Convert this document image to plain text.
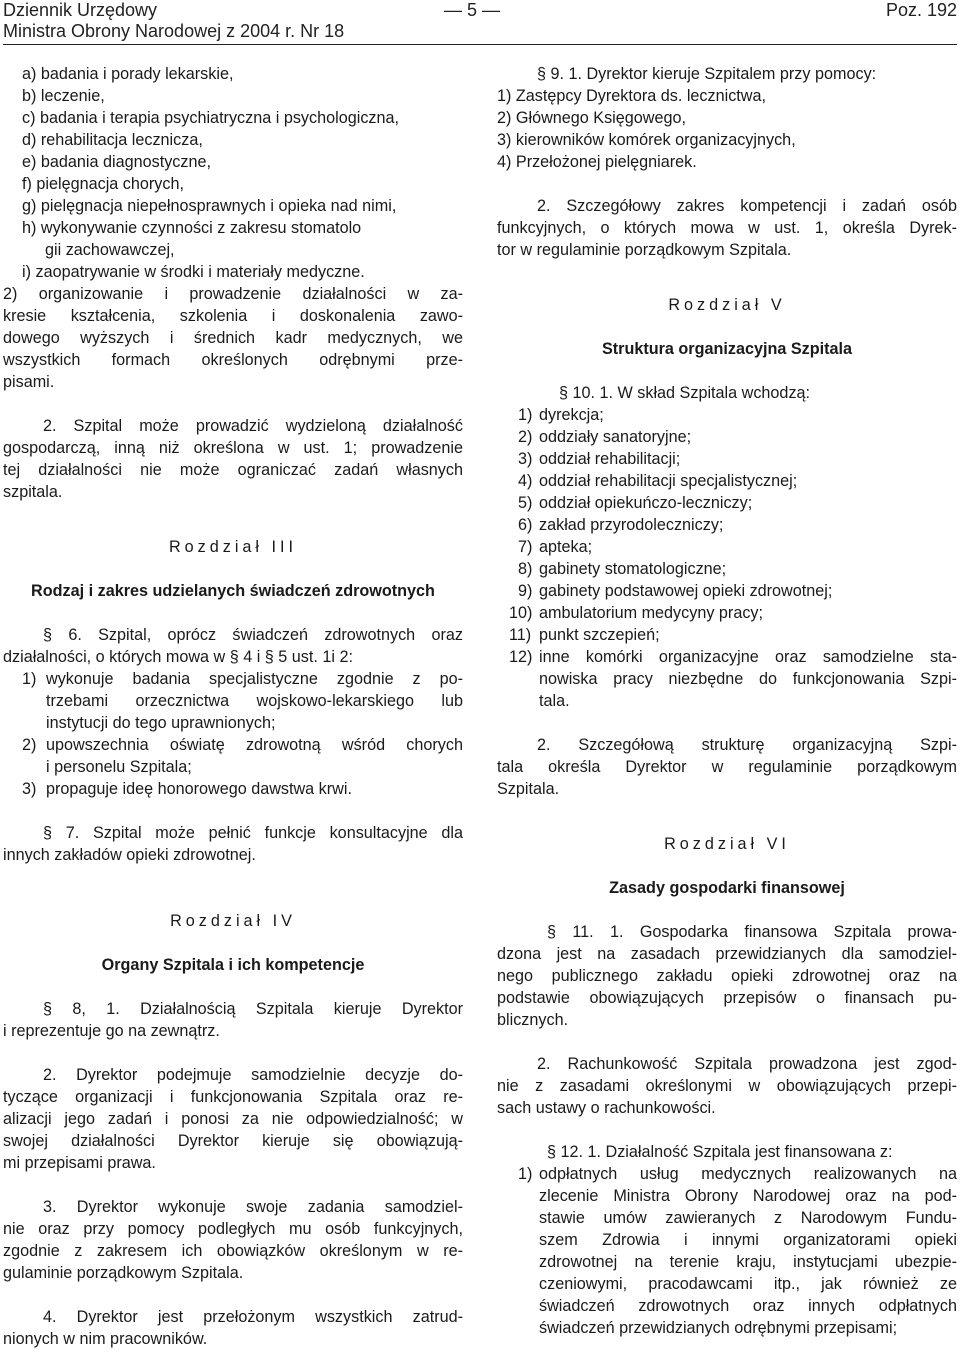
Dziennik Urzędowy
Ministra Obrony Narodowej z 2004 r. Nr 18
— 5 —	Poz. 192

a) badania i porady lekarskie,

b) leczenie,

c) badania i terapia psychiatryczna i psychologiczna,

d) rehabilitacja lecznicza,

e) badania diagnostyczne,

f) pielęgnacja chorych,

g) pielęgnacja niepełnosprawnych i opieka nad nimi,

h) wykonywanie czynności z zakresu stomatolo

gii zachowawczej,

i) zaopatrywanie w środki i materiały medyczne.

2) organizowanie i prowadzenie działalności w za-

kresie kształcenia, szkolenia i doskonalenia zawo-

dowego wyższych i średnich kadr medycznych, we

wszystkich formach określonych odrębnymi prze-

pisami.

2. Szpital może prowadzić wydzieloną działalność

gospodarczą, inną niż określona w ust. 1; prowadzenie

tej działalności nie może ograniczać zadań własnych

szpitala.

Rozdział III

Rodzaj i zakres udzielanych świadczeń zdrowotnych

§ 6. Szpital, oprócz świadczeń zdrowotnych oraz

działalności, o których mowa w § 4 i § 5 ust. 1i 2:

1) wykonuje badania specjalistyczne zgodnie z po-

trzebami orzecznictwa wojskowo-lekarskiego lub

instytucji do tego uprawnionych;

2) upowszechnia oświatę zdrowotną wśród chorych

i personelu Szpitala;

3) propaguje ideę honorowego dawstwa krwi.

§ 7. Szpital może pełnić funkcje konsultacyjne dla

innych zakładów opieki zdrowotnej.

Rozdział IV

Organy Szpitala i ich kompetencje

§ 8, 1. Działalnością Szpitala kieruje Dyrektor

i reprezentuje go na zewnątrz.

2. Dyrektor podejmuje samodzielnie decyzje do-

tyczące organizacji i funkcjonowania Szpitala oraz re-

alizacji jego zadań i ponosi za nie odpowiedzialność; w

swojej działalności Dyrektor kieruje się obowiązują-

mi przepisami prawa.

3. Dyrektor wykonuje swoje zadania samodziel-

nie oraz przy pomocy podległych mu osób funkcyjnych,

zgodnie z zakresem ich obowiązków określonym w re-

gulaminie porządkowym Szpitala.

4. Dyrektor jest przełożonym wszystkich zatrud-

nionych w nim pracowników.

§ 9. 1. Dyrektor kieruje Szpitalem przy pomocy:

1) Zastępcy Dyrektora ds. lecznictwa,

2) Głównego Księgowego,

3) kierowników komórek organizacyjnych,

4) Przełożonej pielęgniarek.

2. Szczegółowy zakres kompetencji i zadań osób

funkcyjnych, o których mowa w ust. 1, określa Dyrek-

tor w regulaminie porządkowym Szpitala.

Rozdział V

Struktura organizacyjna Szpitala

§ 10. 1. W skład Szpitala wchodzą:

1) dyrekcja;

2) oddziały sanatoryjne;

3) oddział rehabilitacji;

4) oddział rehabilitacji specjalistycznej;

5) oddział opiekuńczo-leczniczy;

6) zakład przyrodoleczniczy;

7) apteka;

8) gabinety stomatologiczne;

9) gabinety podstawowej opieki zdrowotnej;

10) ambulatorium medycyny pracy;

11) punkt szczepień;

12) inne komórki organizacyjne oraz samodzielne sta-

nowiska pracy niezbędne do funkcjonowania Szpi-

tala.

2. Szczegółową strukturę organizacyjną Szpi-

tala określa Dyrektor w regulaminie porządkowym

Szpitala.

Rozdział VI

Zasady gospodarki finansowej

§ 11. 1. Gospodarka finansowa Szpitala prowa-

dzona jest na zasadach przewidzianych dla samodziel-

nego publicznego zakładu opieki zdrowotnej oraz na

podstawie obowiązujących przepisów o finansach pu-

blicznych.

2. Rachunkowość Szpitala prowadzona jest zgod-

nie z zasadami określonymi w obowiązujących przepi-

sach ustawy o rachunkowości.

§ 12. 1. Działalność Szpitala jest finansowana z:

1) odpłatnych usług medycznych realizowanych na

zlecenie Ministra Obrony Narodowej oraz na pod-

stawie umów zawieranych z Narodowym Fundu-

szem Zdrowia i innymi organizatorami opieki

zdrowotnej na terenie kraju, instytucjami ubezpie-

czeniowymi, pracodawcami itp., jak również ze

świadczeń zdrowotnych oraz innych odpłatnych

świadczeń przewidzianych odrębnymi przepisami;
